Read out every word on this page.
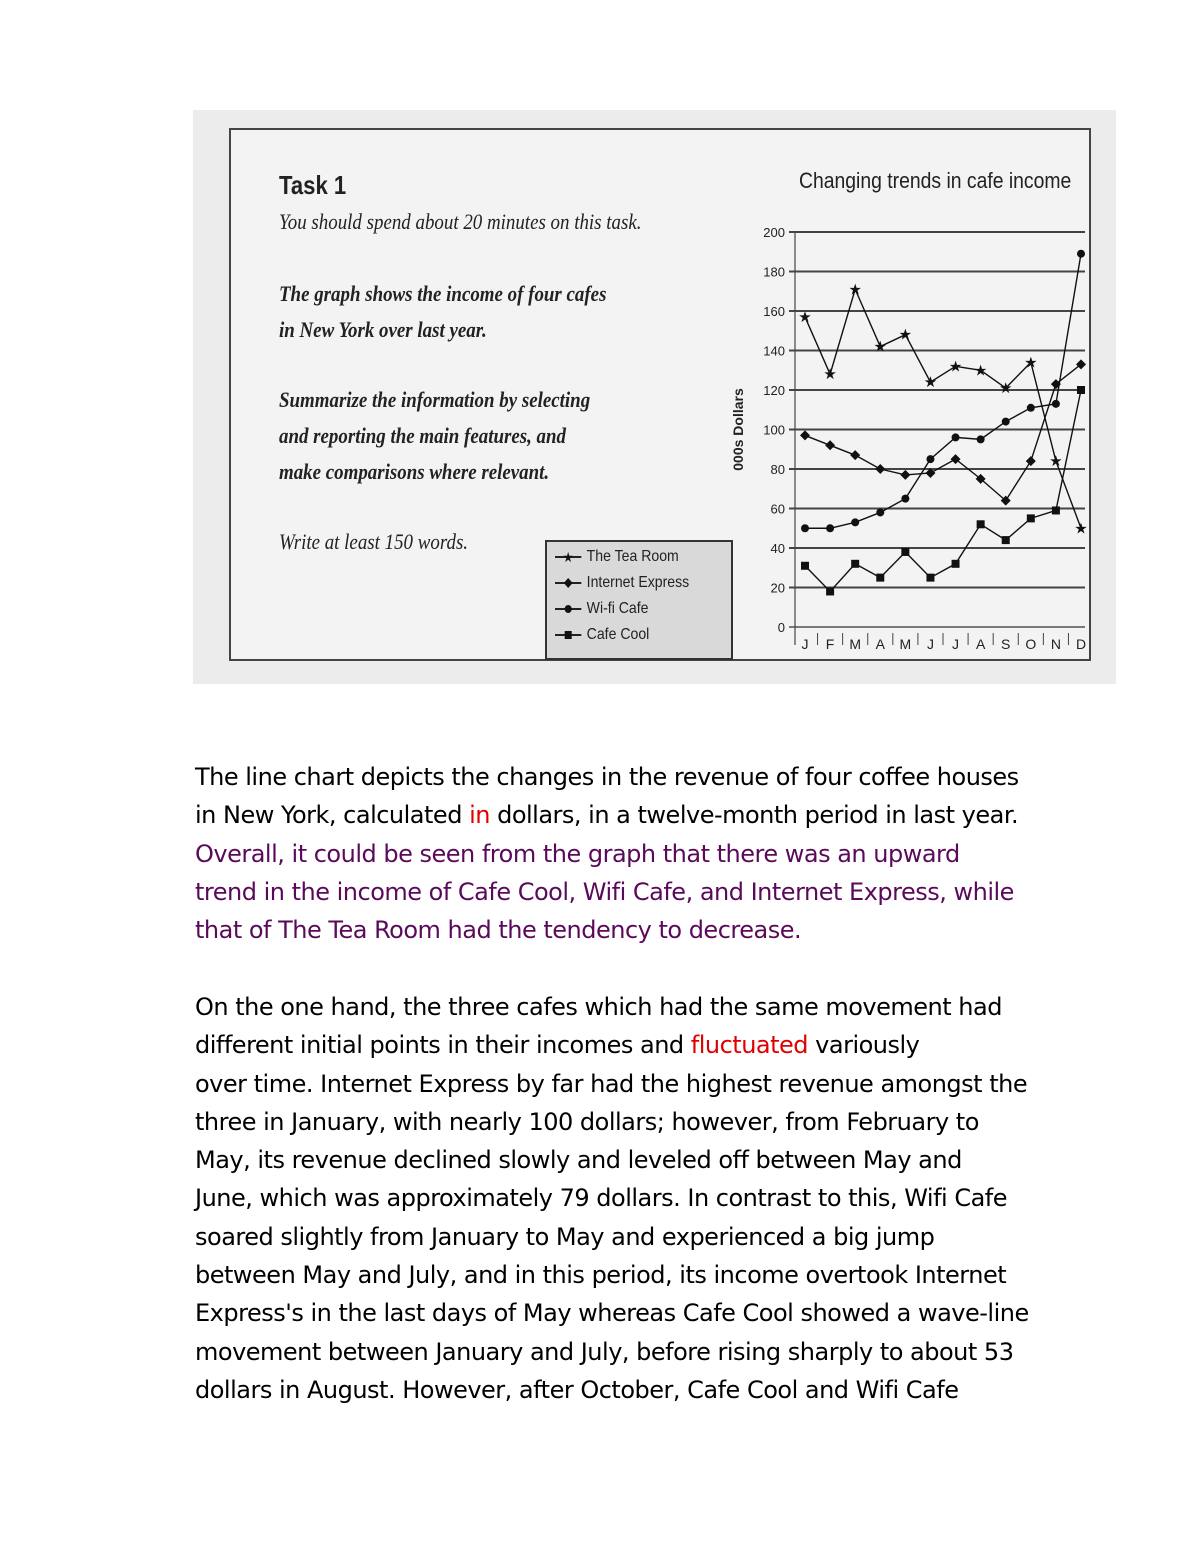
Task 1
You should spend about 20 minutes on this task.
The graph shows the income of four cafes
in New York over last year.
Summarize the information by selecting
and reporting the main features, and
make comparisons where relevant.
Write at least 150 words.
★ The Tea Room
Internet Express
Wi-fi Cafe
Cafe Cool
Changing trends in cafe income
000s Dollars
0
20
40
60
80
100
120
140
160
180
200
J F M A M J J A S O N D
★
★
★
★
★
★
★ ★
★
★
★
★
The line chart depicts the changes in the revenue of four coffee houses
in New York, calculated in dollars, in a twelve-month period in last year.
Overall, it could be seen from the graph that there was an upward
trend in the income of Cafe Cool, Wifi Cafe, and Internet Express, while
that of The Tea Room had the tendency to decrease.
On the one hand, the three cafes which had the same movement had
different initial points in their incomes and fluctuated variously
over time. Internet Express by far had the highest revenue amongst the
three in January, with nearly 100 dollars; however, from February to
May, its revenue declined slowly and leveled off between May and
June, which was approximately 79 dollars. In contrast to this, Wifi Cafe
soared slightly from January to May and experienced a big jump
between May and July, and in this period, its income overtook Internet
Express's in the last days of May whereas Cafe Cool showed a wave-line
movement between January and July, before rising sharply to about 53
dollars in August. However, after October, Cafe Cool and Wifi Cafe
